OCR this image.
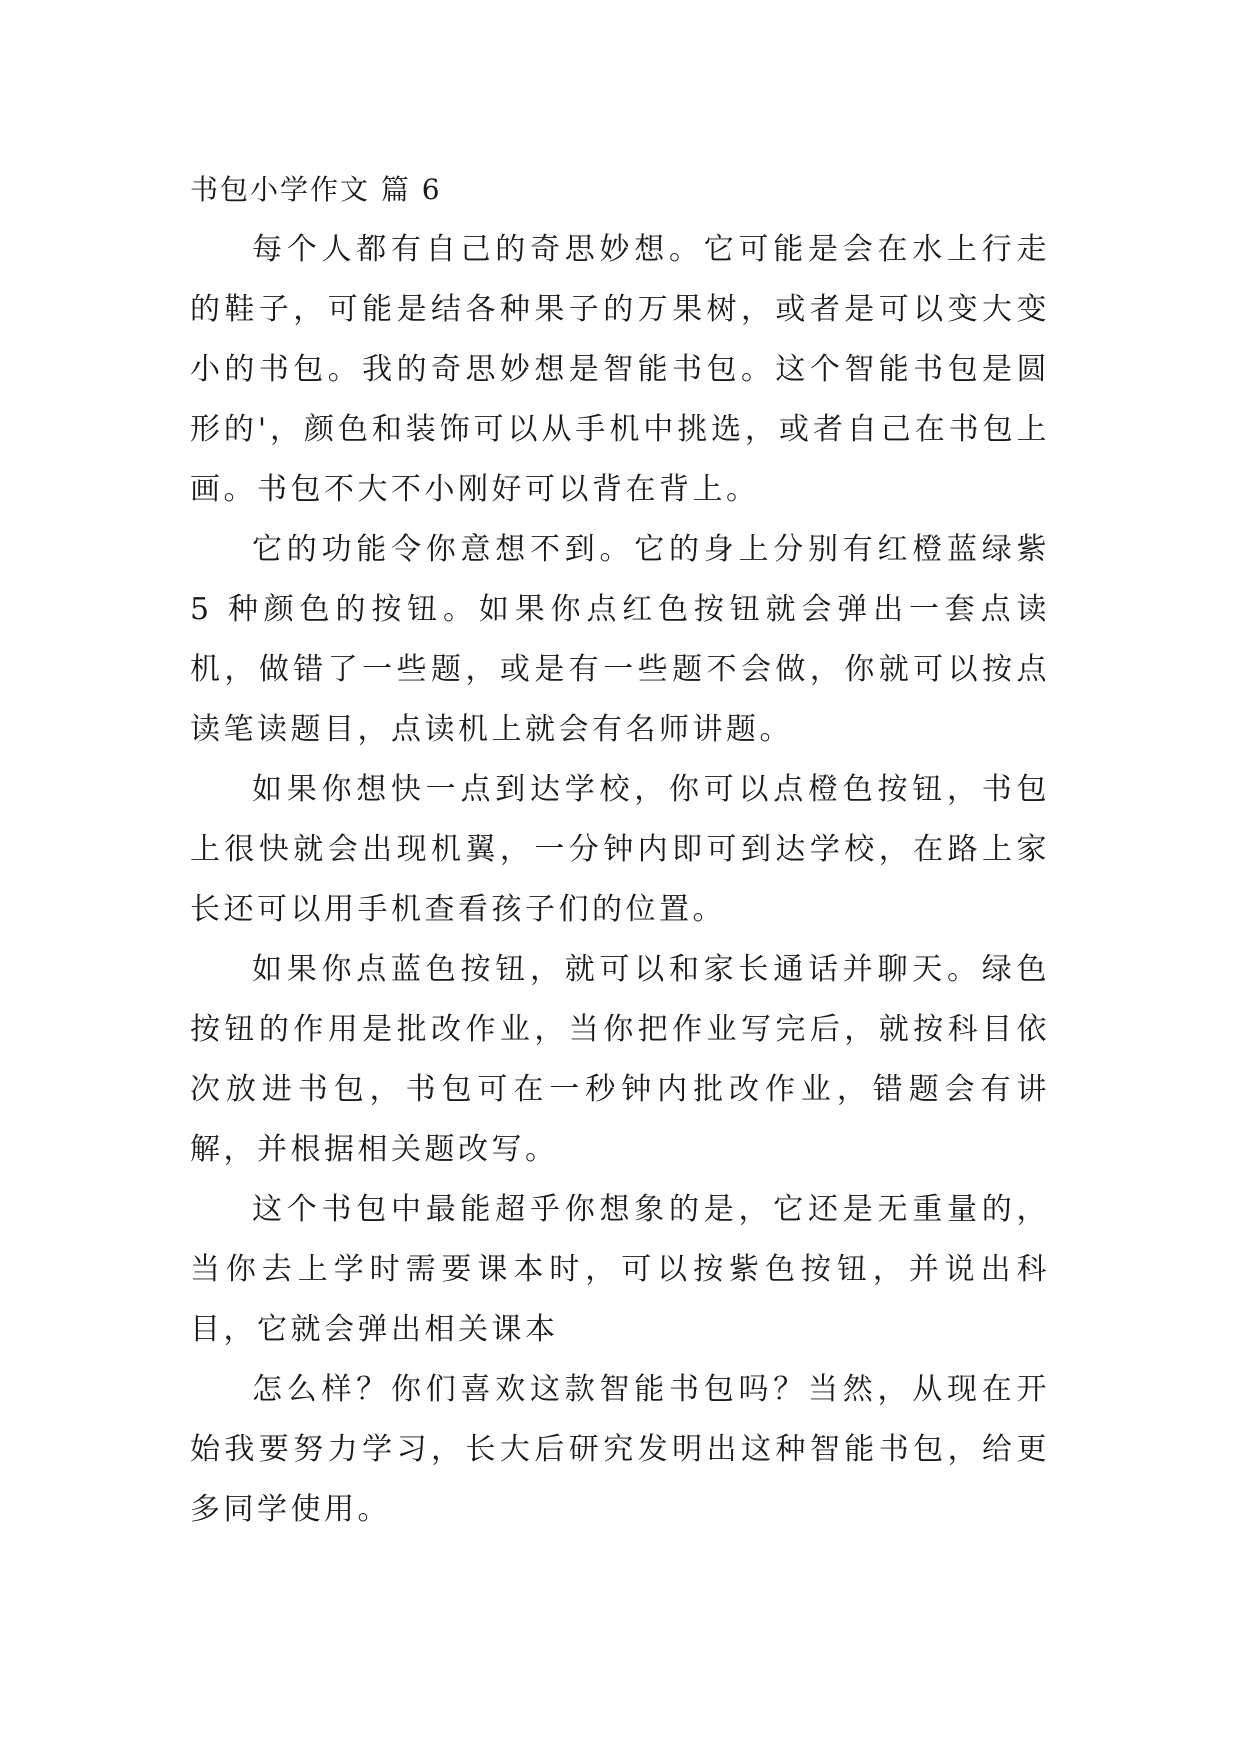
书包小学作文 篇 6

每个人都有自己的奇思妙想。它可能是会在水上行走的鞋子，可能是结各种果子的万果树，或者是可以变大变小的书包。我的奇思妙想是智能书包。这个智能书包是圆形的'，颜色和装饰可以从手机中挑选，或者自己在书包上画。书包不大不小刚好可以背在背上。

它的功能令你意想不到。它的身上分别有红橙蓝绿紫 5 种颜色的按钮。如果你点红色按钮就会弹出一套点读机，做错了一些题，或是有一些题不会做，你就可以按点读笔读题目，点读机上就会有名师讲题。

如果你想快一点到达学校，你可以点橙色按钮，书包上很快就会出现机翼，一分钟内即可到达学校，在路上家长还可以用手机查看孩子们的位置。

如果你点蓝色按钮，就可以和家长通话并聊天。绿色按钮的作用是批改作业，当你把作业写完后，就按科目依次放进书包，书包可在一秒钟内批改作业，错题会有讲解，并根据相关题改写。

这个书包中最能超乎你想象的是，它还是无重量的，当你去上学时需要课本时，可以按紫色按钮，并说出科目，它就会弹出相关课本

怎么样？你们喜欢这款智能书包吗？当然，从现在开始我要努力学习，长大后研究发明出这种智能书包，给更多同学使用。
